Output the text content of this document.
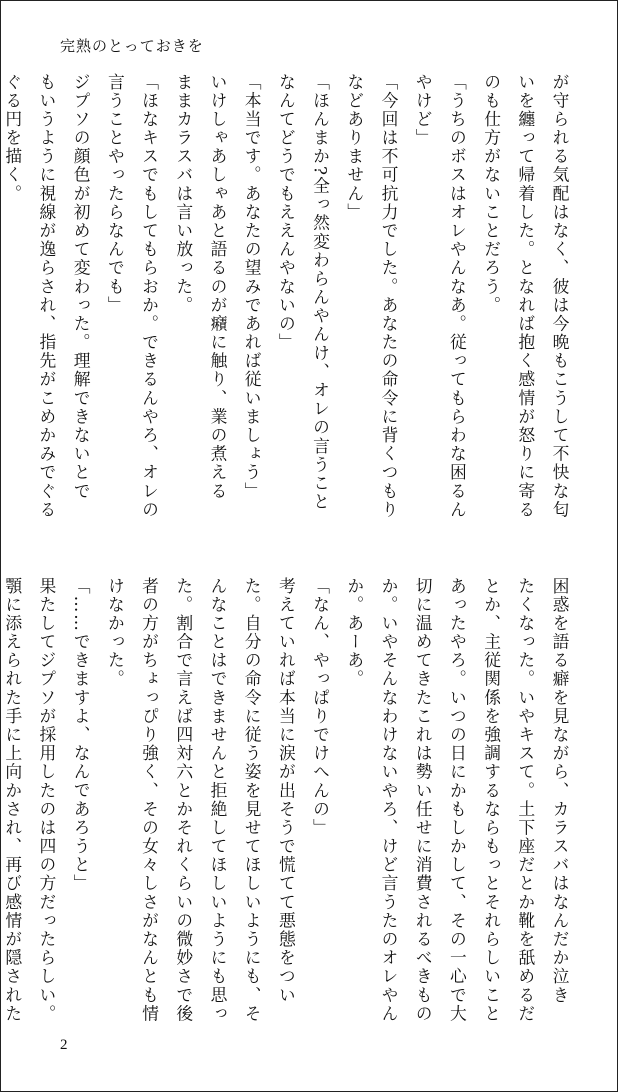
完熟のとっておきを
が守られる気配はなく、彼は今晩もこうして不快な匂
いを纏って帰着した。となれば抱く感情が怒りに寄る
のも仕方がないことだろう。
「うちのボスはオレやんなあ。従ってもらわな困るん
やけど」
「今回は不可抗力でした。あなたの命令に背くつもり
などありません」
「ほんまか?全っ然変わらんやんけ、オレの言うこと
なんてどうでもええんやないの」
「本当です。あなたの望みであれば従いましょう」
いけしゃあしゃあと語るのが癪に触り、業の煮える
ままカラスバは言い放った。
「ほなキスでもしてもらおか。できるんやろ、オレの
言うことやったらなんでも」
ジプソの顔色が初めて変わった。理解できないとで
もいうように視線が逸らされ、指先がこめかみでぐる
ぐる円を描く。
困惑を語る癖を見ながら、カラスバはなんだか泣き
たくなった。いやキスて。土下座だとか靴を舐めるだ
とか、主従関係を強調するならもっとそれらしいこと
あったやろ。いつの日にかもしかして、その一心で大
切に温めてきたこれは勢い任せに消費されるべきもの
か。いやそんなわけないやろ、けど言うたのオレやん
か。あーあ。
「なん、やっぱりでけへんの」
考えていれば本当に涙が出そうで慌てて悪態をつい
た。自分の命令に従う姿を見せてほしいようにも、そ
んなことはできませんと拒絶してほしいようにも思っ
た。割合で言えば四対六とかそれくらいの微妙さで後
者の方がちょっぴり強く、その女々しさがなんとも情
けなかった。
「……できますよ、なんであろうと」
果たしてジプソが採用したのは四の方だったらしい。
顎に添えられた手に上向かされ、再び感情が隠された
2
